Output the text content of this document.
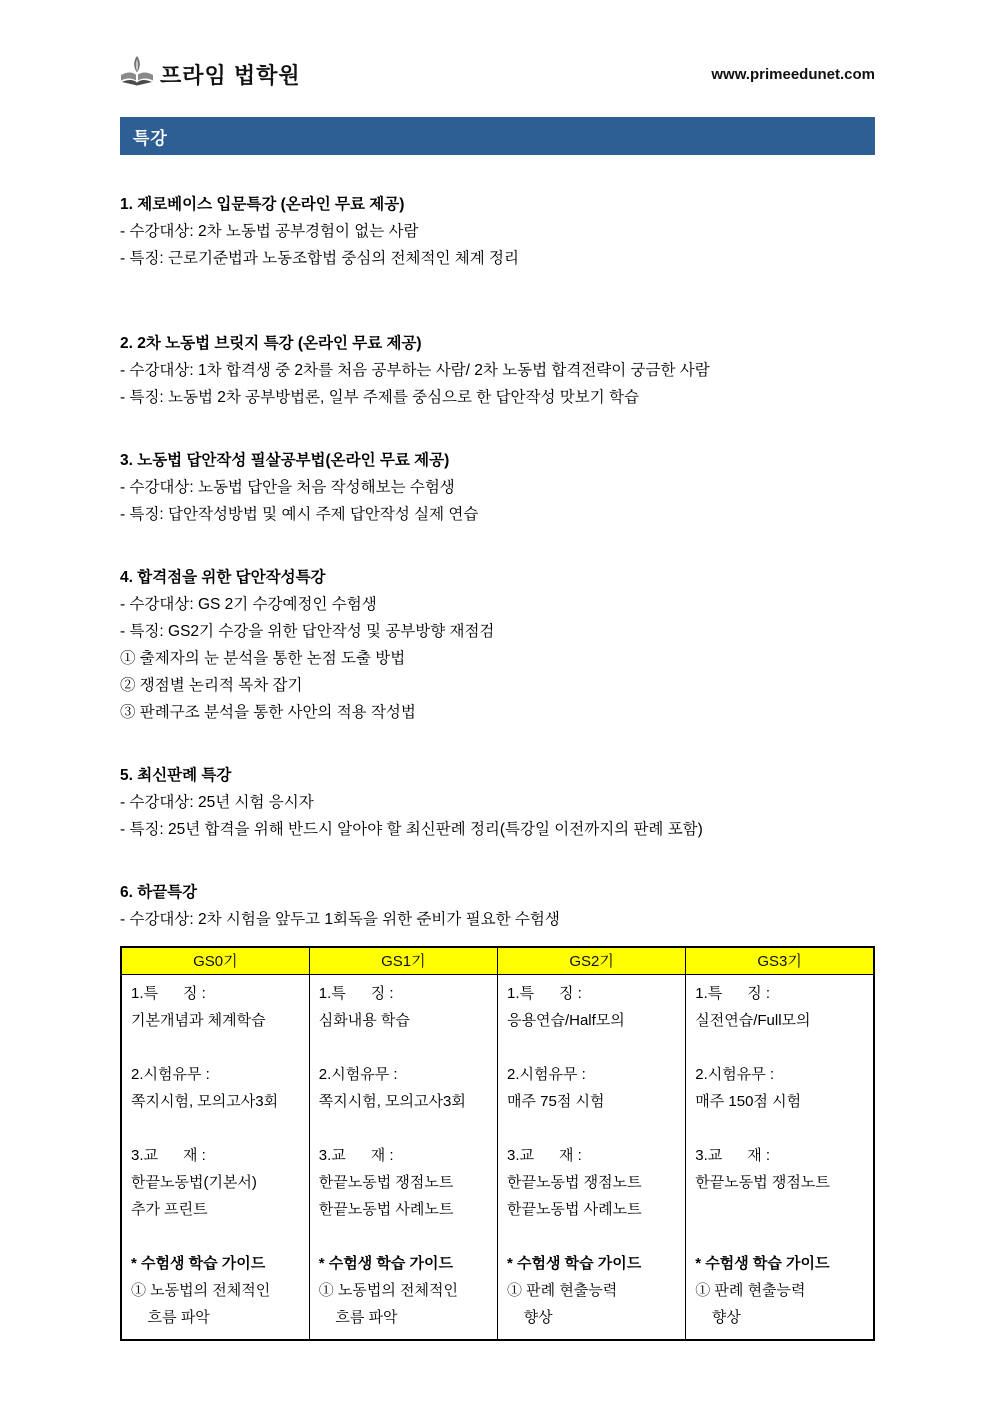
프라임 법학원	www.primeedunet.com
특강
1. 제로베이스 입문특강 (온라인 무료 제공)

- 수강대상: 2차 노동법 공부경험이 없는 사람

- 특징: 근로기준법과 노동조합법 중심의 전체적인 체계 정리

2. 2차 노동법 브릿지 특강 (온라인 무료 제공)

- 수강대상: 1차 합격생 중 2차를 처음 공부하는 사람/ 2차 노동법 합격전략이 궁금한 사람

- 특징: 노동법 2차 공부방법론, 일부 주제를 중심으로 한 답안작성 맛보기 학습

3. 노동법 답안작성 필살공부법(온라인 무료 제공)

- 수강대상: 노동법 답안을 처음 작성해보는 수험생

- 특징: 답안작성방법 및 예시 주제 답안작성 실제 연습

4. 합격점을 위한 답안작성특강

- 수강대상: GS 2기 수강예정인 수험생

- 특징: GS2기 수강을 위한 답안작성 및 공부방향 재점검

① 출제자의 눈 분석을 통한 논점 도출 방법

② 쟁점별 논리적 목차 잡기

③ 판례구조 분석을 통한 사안의 적용 작성법

5. 최신판례 특강

- 수강대상: 25년 시험 응시자

- 특징: 25년 합격을 위해 반드시 알아야 할 최신판례 정리(특강일 이전까지의 판례 포함)

6. 하끝특강

- 수강대상: 2차 시험을 앞두고 1회독을 위한 준비가 필요한 수험생

GS0기	GS1기	GS2기	GS3기

1.특      징 :
기본개념과 체계학습

2.시험유무 :
쪽지시험, 모의고사3회

3.교      재 :
한끝노동법(기본서)
추가 프린트

* 수험생 학습 가이드
① 노동법의 전체적인
흐름 파악

1.특      징 :
심화내용 학습

2.시험유무 :
쪽지시험, 모의고사3회

3.교      재 :
한끝노동법 쟁점노트
한끝노동법 사례노트

* 수험생 학습 가이드
① 노동법의 전체적인
흐름 파악

1.특      징 :
응용연습/Half모의

2.시험유무 :
매주 75점 시험

3.교      재 :
한끝노동법 쟁점노트
한끝노동법 사례노트

* 수험생 학습 가이드
① 판례 현출능력
향상

1.특      징 :
실전연습/Full모의

2.시험유무 :
매주 150점 시험

3.교      재 :
한끝노동법 쟁점노트

* 수험생 학습 가이드
① 판례 현출능력
향상
